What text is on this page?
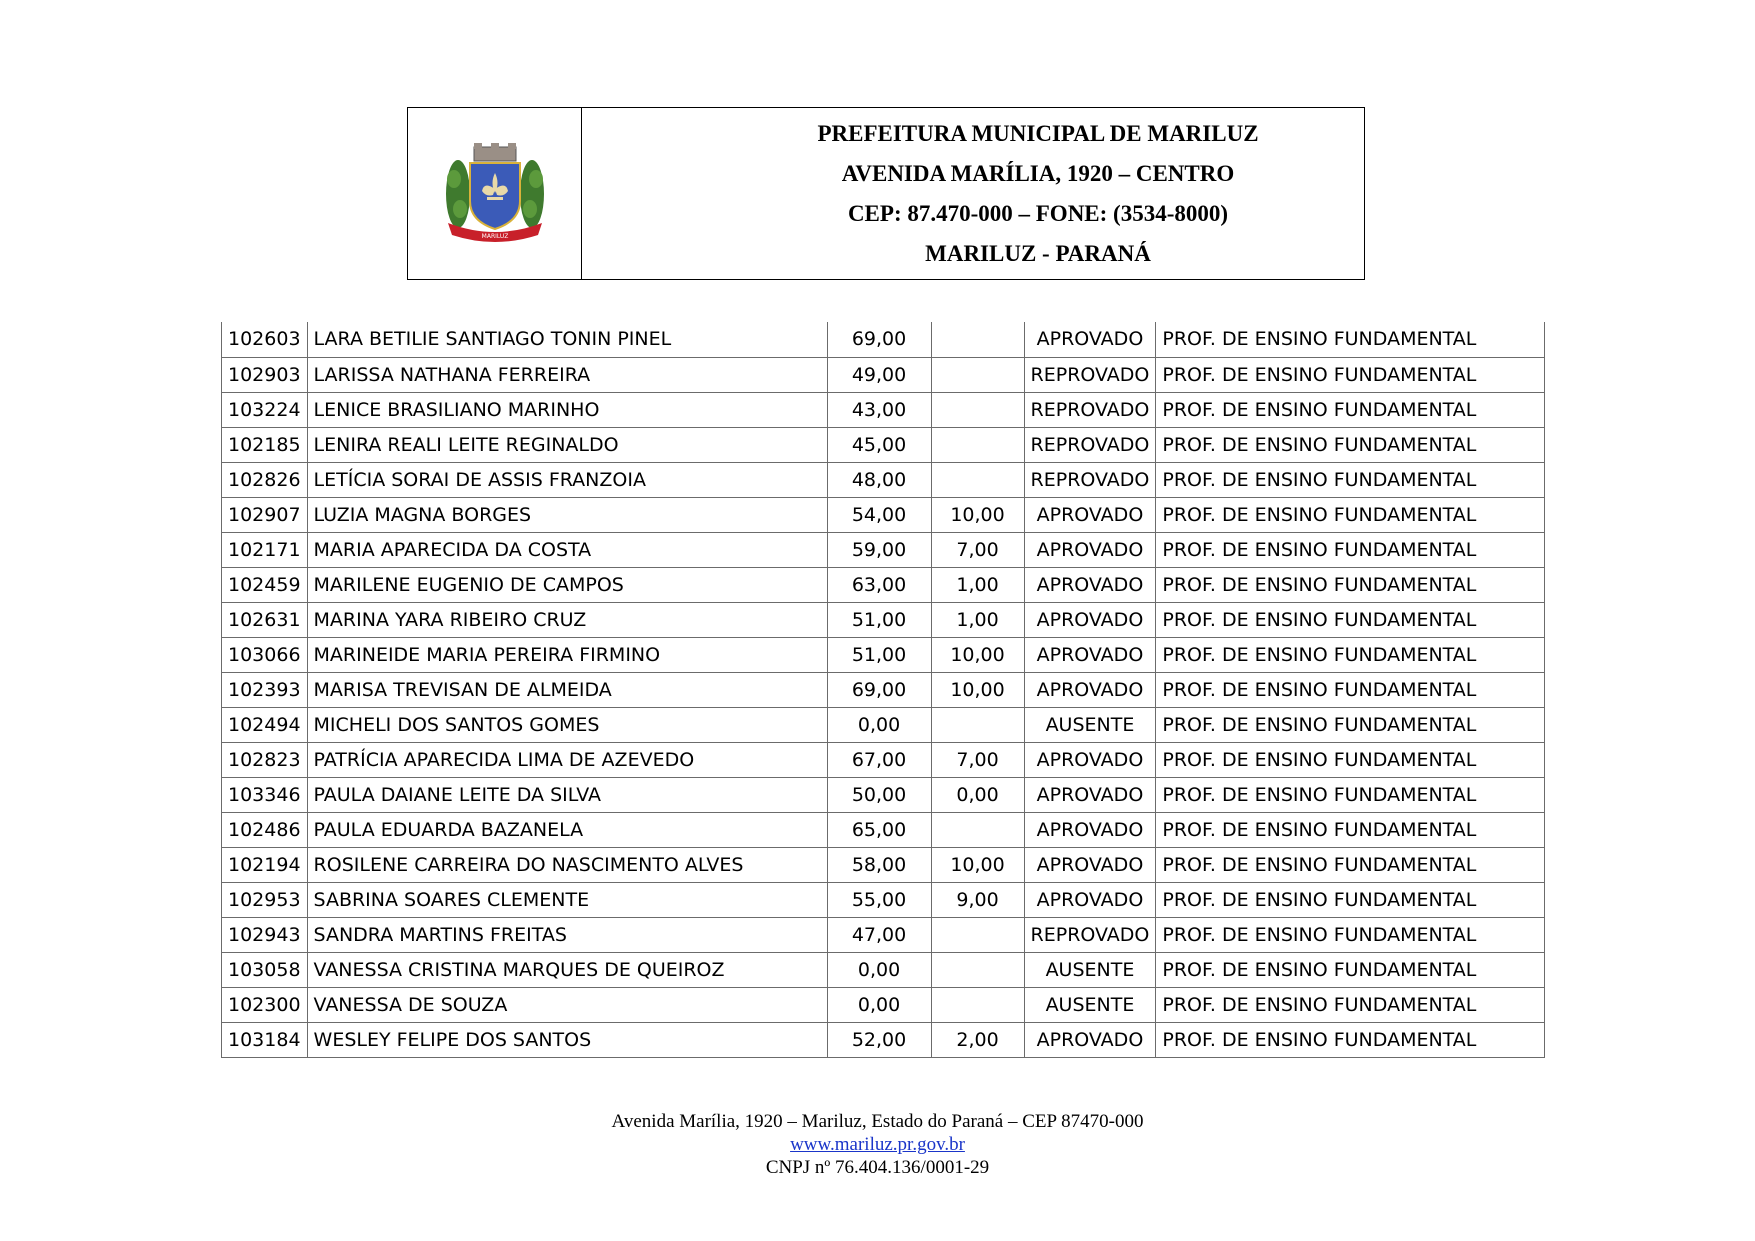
MARILUZ
PREFEITURA MUNICIPAL DE MARILUZ
AVENIDA MARÍLIA, 1920 – CENTRO
CEP: 87.470-000 – FONE: (3534-8000)
MARILUZ - PARANÁ
102603	LARA BETILIE SANTIAGO TONIN PINEL	69,00		APROVADO	PROF. DE ENSINO FUNDAMENTAL
102903	LARISSA NATHANA FERREIRA	49,00		REPROVADO	PROF. DE ENSINO FUNDAMENTAL
103224	LENICE BRASILIANO MARINHO	43,00		REPROVADO	PROF. DE ENSINO FUNDAMENTAL
102185	LENIRA REALI LEITE REGINALDO	45,00		REPROVADO	PROF. DE ENSINO FUNDAMENTAL
102826	LETÍCIA SORAI DE ASSIS FRANZOIA	48,00		REPROVADO	PROF. DE ENSINO FUNDAMENTAL
102907	LUZIA MAGNA BORGES	54,00	10,00	APROVADO	PROF. DE ENSINO FUNDAMENTAL
102171	MARIA APARECIDA DA COSTA	59,00	7,00	APROVADO	PROF. DE ENSINO FUNDAMENTAL
102459	MARILENE EUGENIO DE CAMPOS	63,00	1,00	APROVADO	PROF. DE ENSINO FUNDAMENTAL
102631	MARINA YARA RIBEIRO CRUZ	51,00	1,00	APROVADO	PROF. DE ENSINO FUNDAMENTAL
103066	MARINEIDE MARIA PEREIRA FIRMINO	51,00	10,00	APROVADO	PROF. DE ENSINO FUNDAMENTAL
102393	MARISA TREVISAN DE ALMEIDA	69,00	10,00	APROVADO	PROF. DE ENSINO FUNDAMENTAL
102494	MICHELI DOS SANTOS GOMES	0,00		AUSENTE	PROF. DE ENSINO FUNDAMENTAL
102823	PATRÍCIA APARECIDA LIMA DE AZEVEDO	67,00	7,00	APROVADO	PROF. DE ENSINO FUNDAMENTAL
103346	PAULA DAIANE LEITE DA SILVA	50,00	0,00	APROVADO	PROF. DE ENSINO FUNDAMENTAL
102486	PAULA EDUARDA BAZANELA	65,00		APROVADO	PROF. DE ENSINO FUNDAMENTAL
102194	ROSILENE CARREIRA DO NASCIMENTO ALVES	58,00	10,00	APROVADO	PROF. DE ENSINO FUNDAMENTAL
102953	SABRINA SOARES CLEMENTE	55,00	9,00	APROVADO	PROF. DE ENSINO FUNDAMENTAL
102943	SANDRA MARTINS FREITAS	47,00		REPROVADO	PROF. DE ENSINO FUNDAMENTAL
103058	VANESSA CRISTINA MARQUES DE QUEIROZ	0,00		AUSENTE	PROF. DE ENSINO FUNDAMENTAL
102300	VANESSA DE SOUZA	0,00		AUSENTE	PROF. DE ENSINO FUNDAMENTAL
103184	WESLEY FELIPE DOS SANTOS	52,00	2,00	APROVADO	PROF. DE ENSINO FUNDAMENTAL
Avenida Marília, 1920 – Mariluz, Estado do Paraná – CEP 87470-000
www.mariluz.pr.gov.br
CNPJ nº 76.404.136/0001-29
